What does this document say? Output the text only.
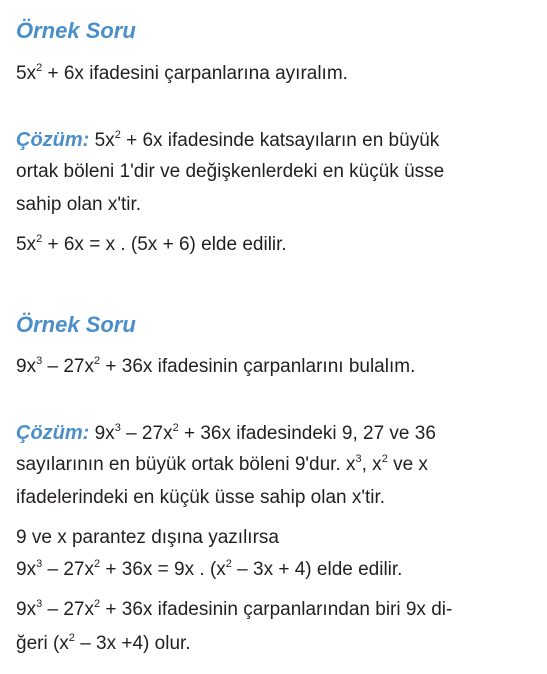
Örnek Soru
$5x^2 + 6x$ ifadesini çarpanlarına ayıralım.
Çözüm: $5x^2 + 6x$ ifadesinde katsayıların en büyük
ortak böleni 1'dir ve değişkenlerdeki en küçük üsse
sahip olan x'tir.
$5x^2 + 6x = x$ . (5x + 6) elde edilir.
Örnek Soru
$9x^3 - 27x^2 + 36x$ ifadesinin çarpanlarını bulalım.
Çözüm: $9x^3 - 27x^2 + 36x$ ifadesindeki 9, 27 ve 36
sayılarının en büyük ortak böleni 9'dur. $x^3$, $x^2$ ve x
ifadelerindeki en küçük üsse sahip olan x'tir.
9 ve x parantez dışına yazılırsa
$9x^3 - 27x^2 + 36x = 9x$ . $(x^2 - 3x + 4)$ elde edilir.
$9x^3 - 27x^2 + 36x$ ifadesinin çarpanlarından biri 9x di-
ğeri $(x^2 - 3x +4)$ olur.
